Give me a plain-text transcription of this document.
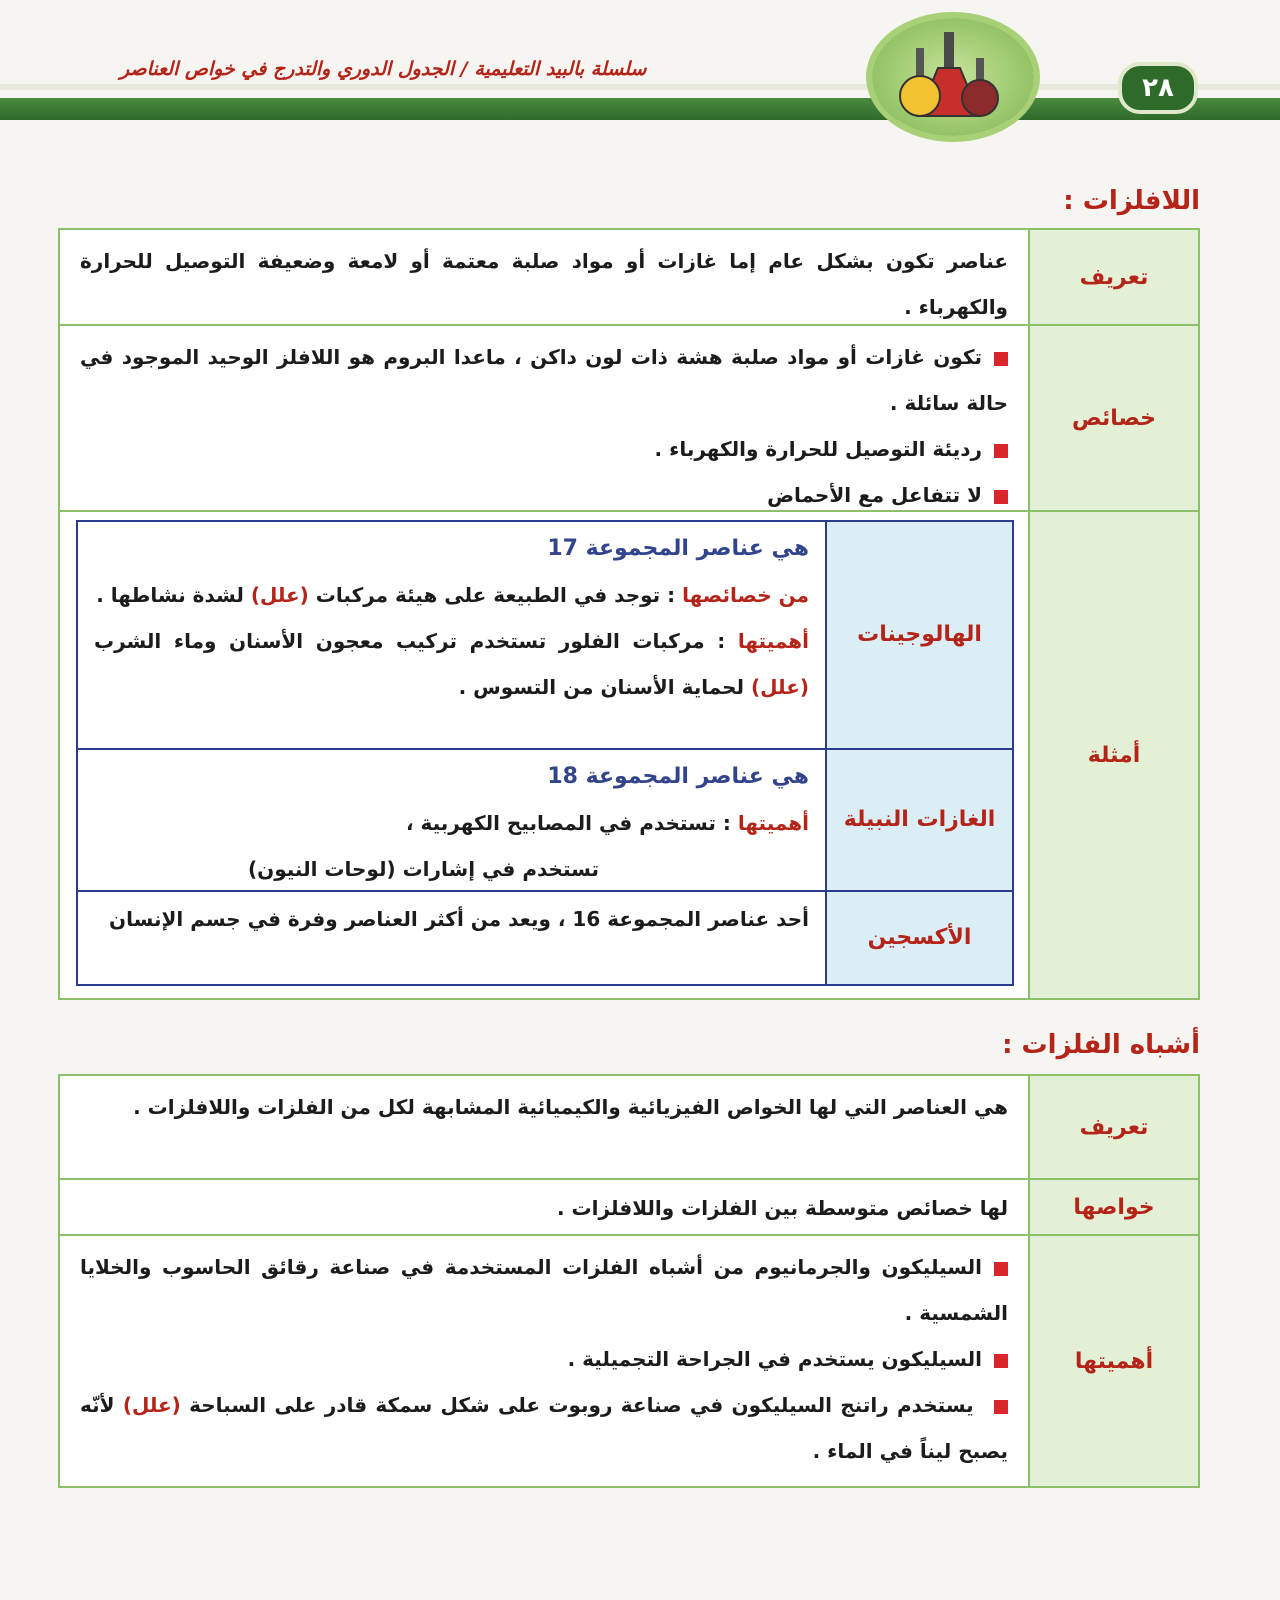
سلسلة بالبيد التعليمية / الجدول الدوري والتدرج في خواص العناصر
٢٨
اللافلزات :
تعريف
عناصر تكون بشكل عام إما غازات أو مواد صلبة معتمة أو لامعة وضعيفة التوصيل للحرارة والكهرباء .
خصائص
تكون غازات أو مواد صلبة هشة ذات لون داكن ، ماعدا البروم هو اللافلز الوحيد الموجود في حالة سائلة .
رديئة التوصيل للحرارة والكهرباء .
لا تتفاعل مع الأحماض
أمثلة
الهالوجينات
هي عناصر المجموعة 17
من خصائصها : توجد في الطبيعة على هيئة مركبات (علل) لشدة نشاطها .
أهميتها : مركبات الفلور تستخدم تركيب معجون الأسنان وماء الشرب (علل) لحماية الأسنان من التسوس .
الغازات النبيلة
هي عناصر المجموعة 18
أهميتها : تستخدم في المصابيح الكهربية ،
تستخدم في إشارات (لوحات النيون)
الأكسجين
أحد عناصر المجموعة 16 ، ويعد من أكثر العناصر وفرة في جسم الإنسان
أشباه الفلزات :
تعريف
هي العناصر التي لها الخواص الفيزيائية والكيميائية المشابهة لكل من الفلزات واللافلزات .
خواصها
لها خصائص متوسطة بين الفلزات واللافلزات .
أهميتها
السيليكون والجرمانيوم من أشباه الفلزات المستخدمة في صناعة رقائق الحاسوب والخلايا الشمسية .
السيليكون يستخدم في الجراحة التجميلية .
يستخدم راتنج السيليكون في صناعة روبوت على شكل سمكة قادر على السباحة (علل) لأنّه يصبح ليناً في الماء .
